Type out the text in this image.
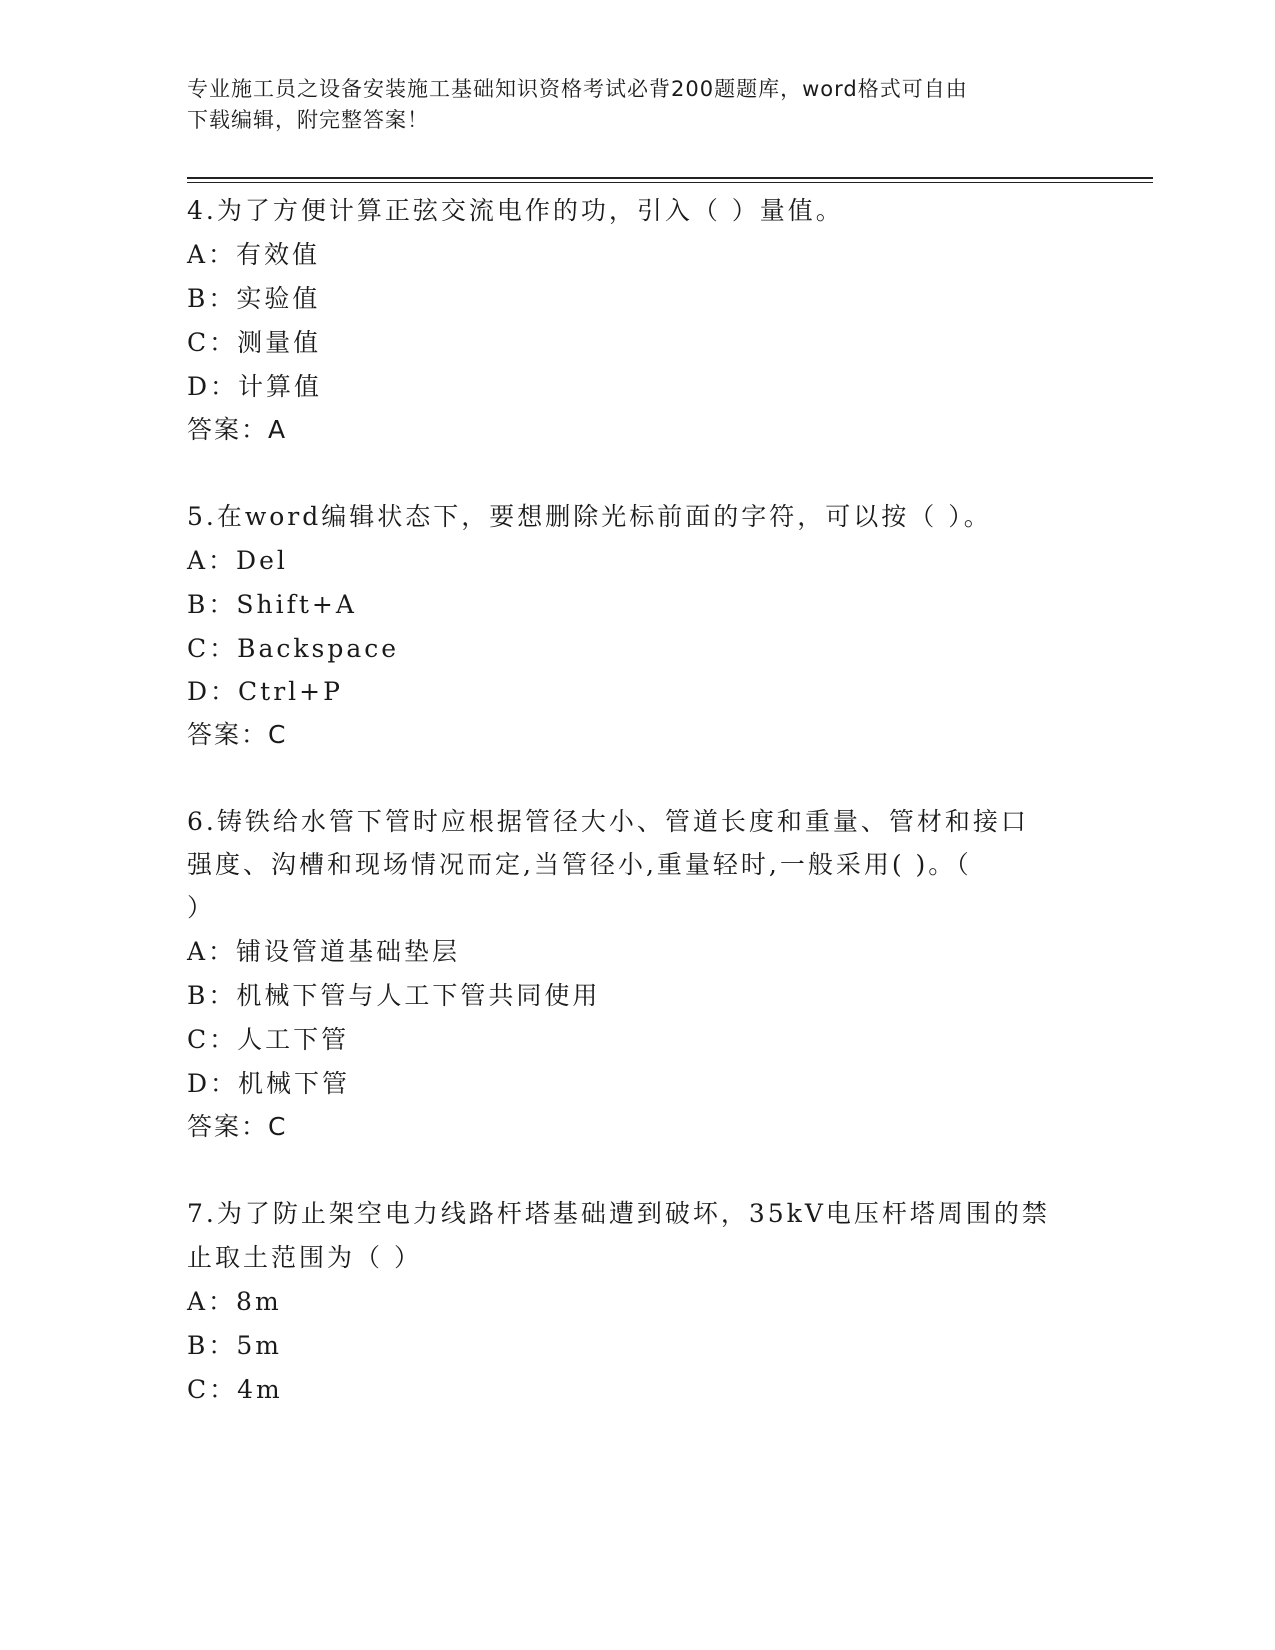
专业施工员之设备安装施工基础知识资格考试必背200题题库，word格式可自由
下载编辑，附完整答案！
4.为了方便计算正弦交流电作的功，引入（ ）量值。
A：有效值
B：实验值
C：测量值
D：计算值
答案：A
5.在word编辑状态下，要想删除光标前面的字符，可以按（ ）。
A：Del
B：Shift+A
C：Backspace
D：Ctrl+P
答案：C
6.铸铁给水管下管时应根据管径大小、管道长度和重量、管材和接口
强度、沟槽和现场情况而定,当管径小,重量轻时,一般采用( )。（
）
A：铺设管道基础垫层
B：机械下管与人工下管共同使用
C：人工下管
D：机械下管
答案：C
7.为了防止架空电力线路杆塔基础遭到破坏，35kV电压杆塔周围的禁
止取土范围为（ ）
A：8m
B：5m
C：4m
